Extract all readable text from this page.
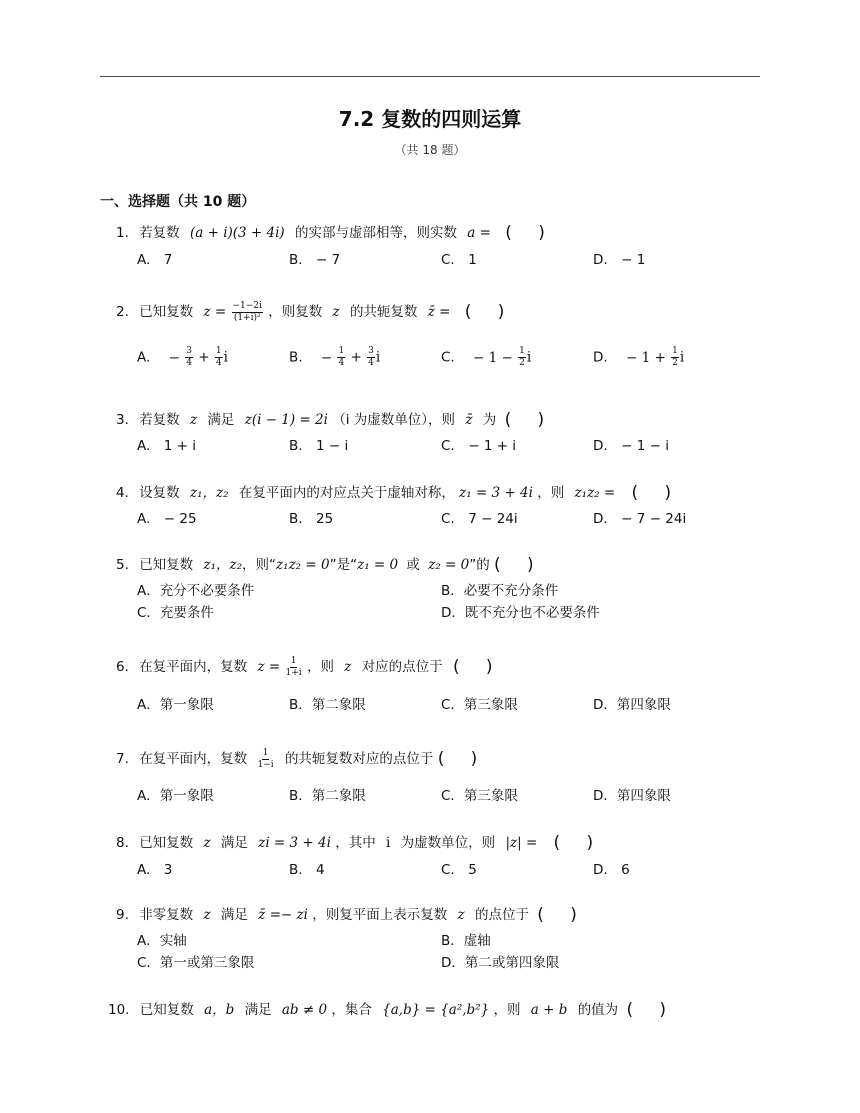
7.2 复数的四则运算
（共 18 题）
一、选择题（共 10 题）
1. 若复数 (a + i)(3 + 4i) 的实部与虚部相等，则实数 a = ( )
A.　7	B.　− 7	C.　1	D.　− 1
2. 已知复数 $z = \frac{-1-2i}{\text{(1+i)²}}$ ，则复数 z 的共轭复数 z̄ = ( )
A. − $\frac{3}{4} + \frac{1}{4}$ i	B. − $\frac{1}{4} + \frac{3}{4}$ i	C. − $1 - \frac{1}{2}$ i	D. − $1 + \frac{1}{2}$ i
3. 若复数 z 满足 z(i − 1) = 2i （i 为虚数单位），则 z̄ 为 ( )
A.　1 + i	B.　1 − i	C.　− 1 + i	D.　− 1 − i
4. 设复数 z₁，z₂ 在复平面内的对应点关于虚轴对称， z₁ = 3 + 4i ，则 z₁z₂ = ( )
A.　− 25	B.　25	C.　7 − 24i	D.　− 7 − 24i
5. 已知复数 z₁，z₂，则“z₁z₂ = 0”是“z₁ = 0 或 z₂ = 0”的 ( )
A．充分不必要条件	B．必要不充分条件
C．充要条件	D．既不充分也不必要条件
6. 在复平面内，复数 $z = \frac{1}{1+i}$ ，则 z 对应的点位于 ( )
A．第一象限	B．第二象限	C．第三象限	D．第四象限
7. 在复平面内，复数 $\frac{1}{1-i}$ 的共轭复数对应的点位于 ( )
A．第一象限	B．第二象限	C．第三象限	D．第四象限
8. 已知复数 z 满足 zi = 3 + 4i ，其中 i 为虚数单位，则 |z| = ( )
A.　3	B.　4	C.　5	D.　6
9. 非零复数 z 满足 z̄ =− zi ，则复平面上表示复数 z 的点位于 ( )
A．实轴	B．虚轴
C．第一或第三象限	D．第二或第四象限
10. 已知复数 a，b 满足 ab ≠ 0 ，集合 {a,b} = {a²,b²} ，则 a + b 的值为 ( )
